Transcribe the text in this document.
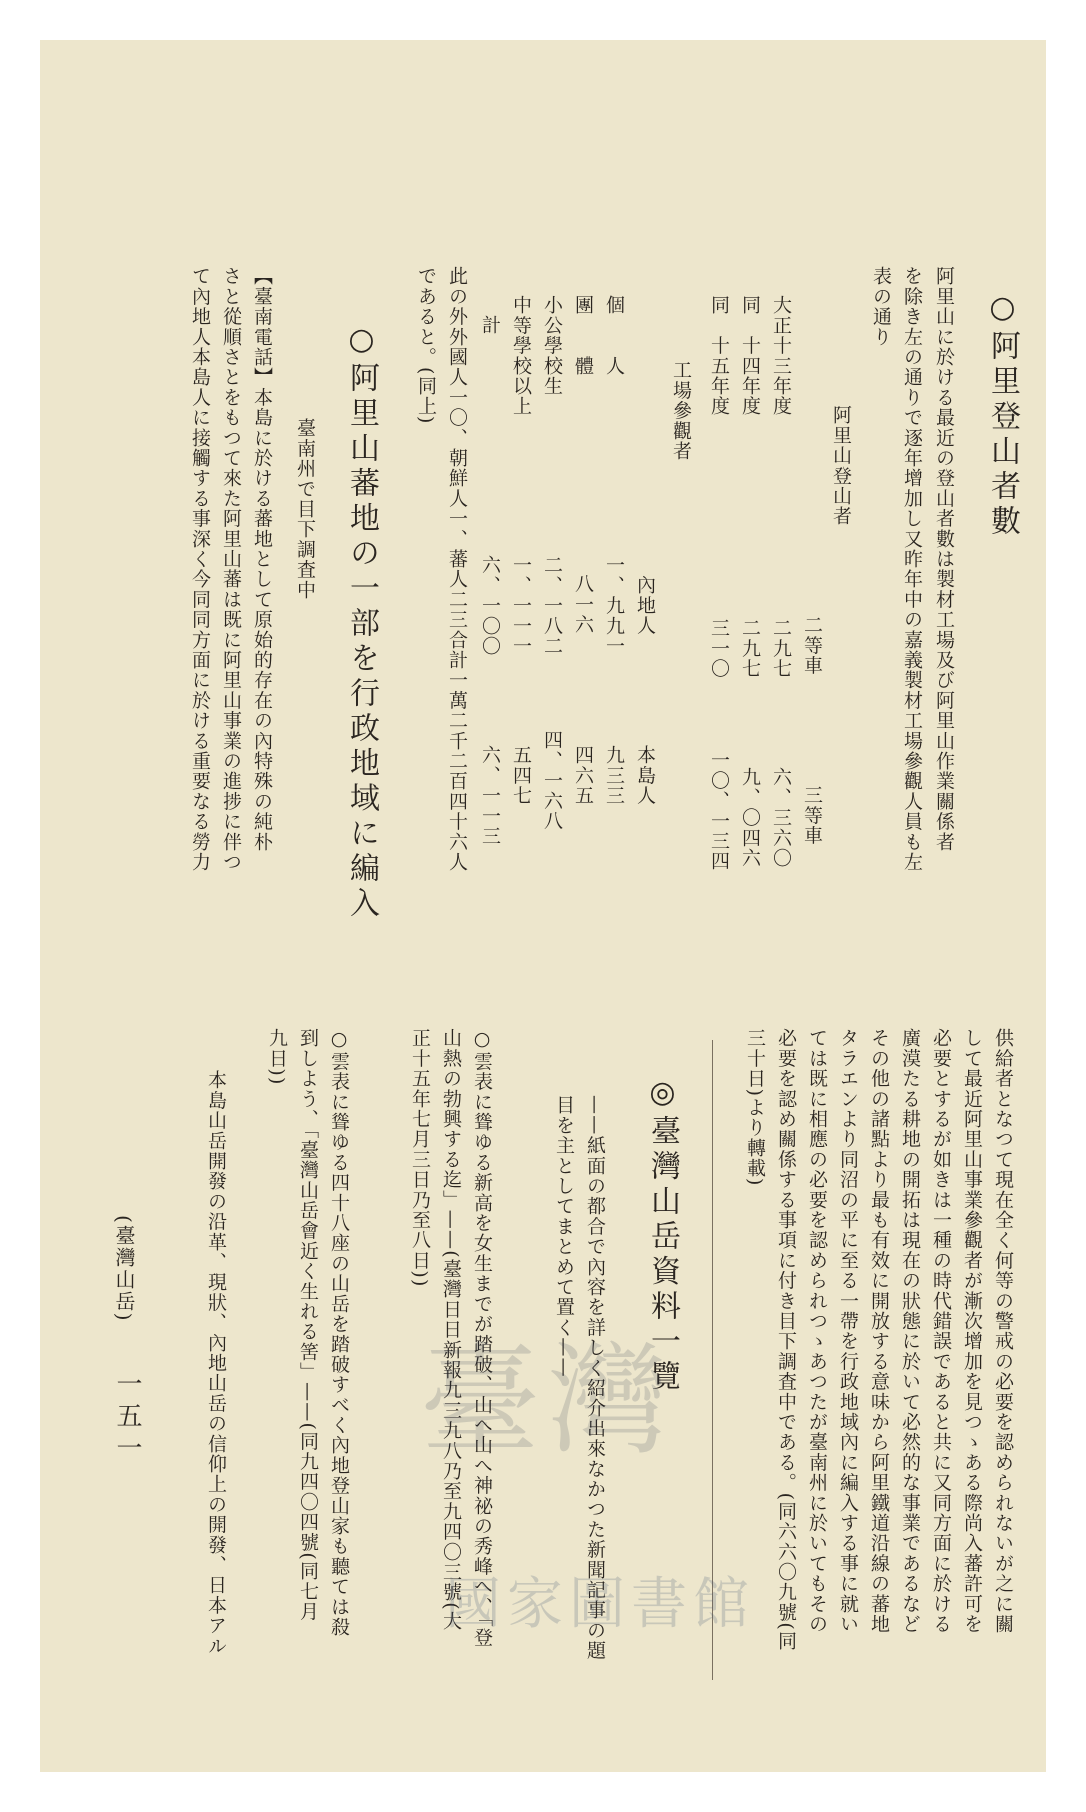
○阿里登山者數
阿里山に於ける最近の登山者數は製材工場及び阿里山作業關係者
を除き左の通りで逐年增加し又昨年中の嘉義製材工場參觀人員も左
表の通り
阿里山登山者
二等車
三等車
大正十三年度
二九七
六、三六〇
同　十四年度
二九七
九、〇四六
同　十五年度
三一〇
一〇、一三四
工場參觀者
內地人
本島人
個　　人
一、九九一
九三三
團　　體
八一六
四六五
小公學校生
二、一八二
四、一六八
中等學校以上
一、一一一
五四七
計
六、一〇〇
六、一一三
此の外外國人一〇、朝鮮人一、蕃人二三合計一萬二千二百四十六人
であると。(同上)
○阿里山蕃地の一部を行政地域に編入
臺南州で目下調査中
【臺南電話】本島に於ける蕃地として原始的存在の內特殊の純朴
さと從順さとをもつて來た阿里山蕃は既に阿里山事業の進捗に伴つ
て內地人本島人に接觸する事深く今同同方面に於ける重要なる勞力
供給者となつて現在全く何等の警戒の必要を認められないが之に關
して最近阿里山事業參觀者が漸次增加を見つゝある際尚入蕃許可を
必要とするが如きは一種の時代錯誤であると共に又同方面に於ける
廣漠たる耕地の開拓は現在の狀態に於いて必然的な事業であるなど
その他の諸點より最も有效に開放する意味から阿里鐵道沿線の蕃地
タラエンより同沼の平に至る一帶を行政地域內に編入する事に就い
ては既に相應の必要を認められつゝあつたが臺南州に於いてもその
必要を認め關係する事項に付き目下調査中である。(同六六〇九號(同
三十日)より轉載)
◎臺灣山岳資料一覽
——紙面の都合で內容を詳しく紹介出來なかつた新聞記事の題
目を主としてまとめて置く——
○雲表に聳ゆる新高を女生までが踏破、山へ山へ神祕の秀峰へ、「登
山熱の勃興する迄」——(臺灣日日新報九三九八乃至九四〇三號(大
正十五年七月三日乃至八日))
○雲表に聳ゆる四十八座の山岳を踏破すべく內地登山家も聽ては殺
到しよう、「臺灣山岳會近く生れる筈」——(同九四〇四號(同七月
九日))
本島山岳開發の沿革、現狀、內地山岳の信仰上の開發、日本アル
(臺灣山岳)
一五一 臺灣
國家圖書館
